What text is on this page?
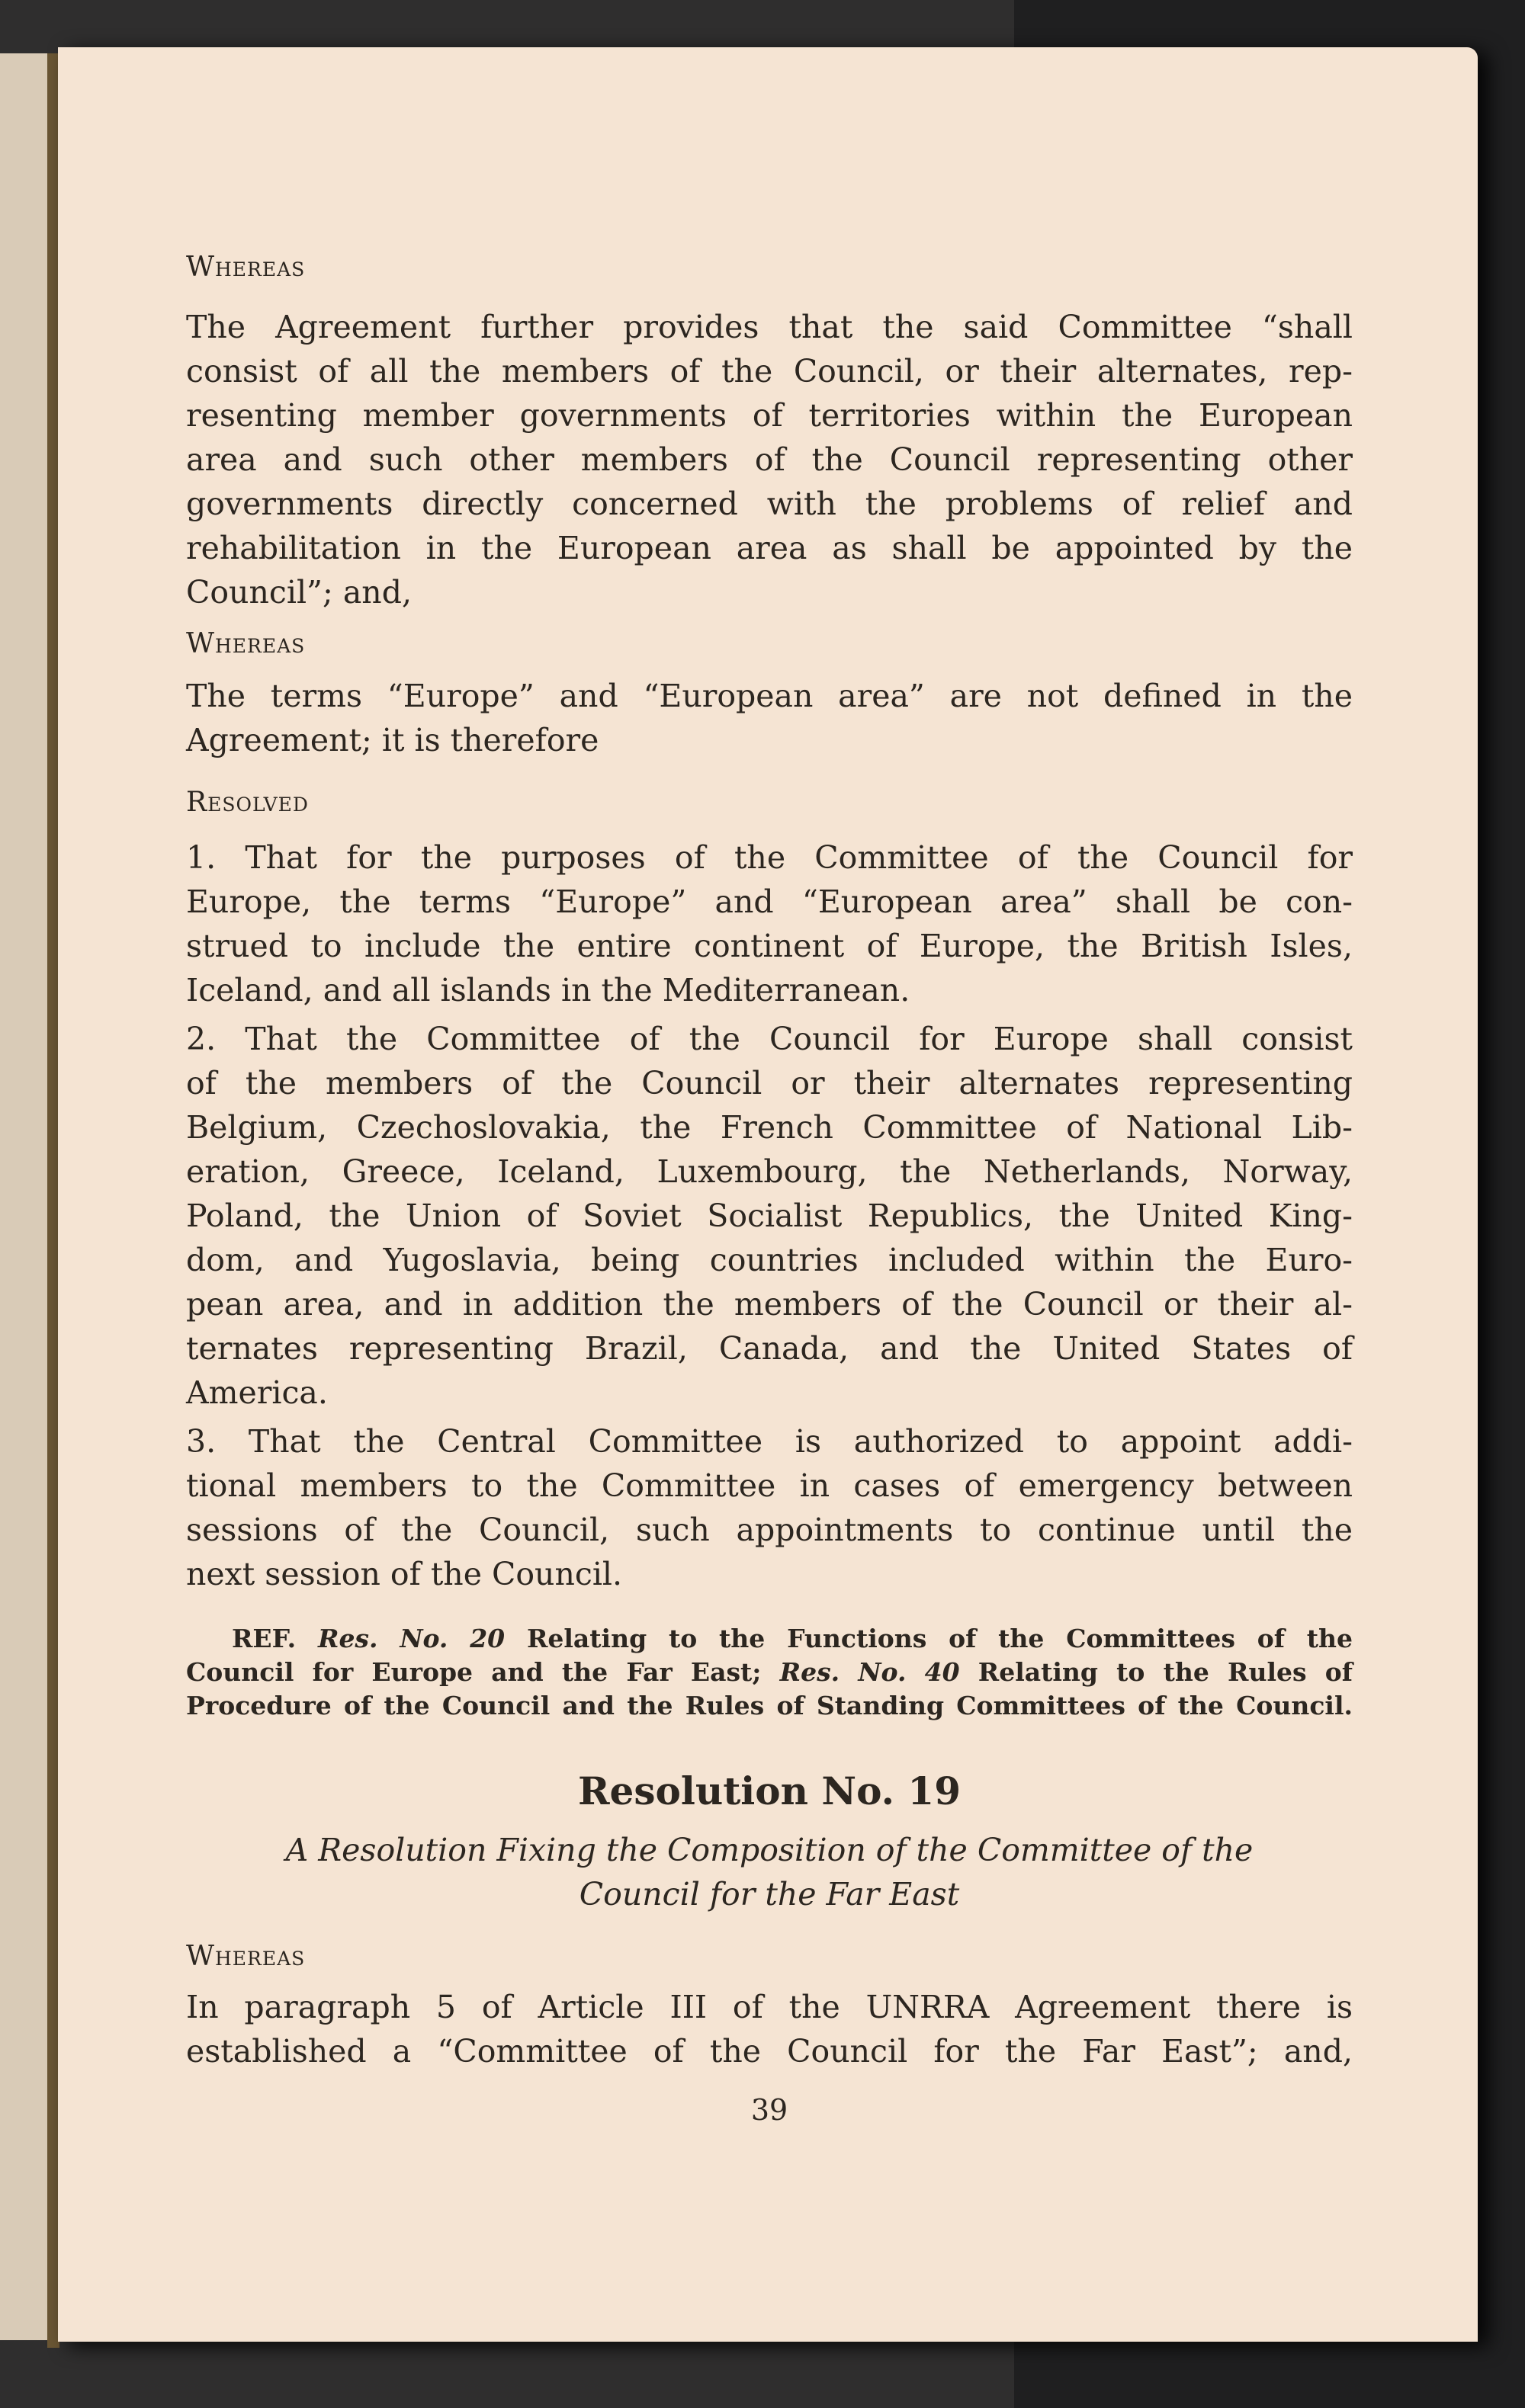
Whereas
The Agreement further provides that the said Committee “shall
consist of all the members of the Council, or their alternates, rep-
resenting member governments of territories within the European
area and such other members of the Council representing other
governments directly concerned with the problems of relief and
rehabilitation in the European area as shall be appointed by the
Council”; and,
Whereas
The terms “Europe” and “European area” are not defined in the
Agreement; it is therefore
Resolved
1. That for the purposes of the Committee of the Council for
Europe, the terms “Europe” and “European area” shall be con-
strued to include the entire continent of Europe, the British Isles,
Iceland, and all islands in the Mediterranean.
2. That the Committee of the Council for Europe shall consist
of the members of the Council or their alternates representing
Belgium, Czechoslovakia, the French Committee of National Lib-
eration, Greece, Iceland, Luxembourg, the Netherlands, Norway,
Poland, the Union of Soviet Socialist Republics, the United King-
dom, and Yugoslavia, being countries included within the Euro-
pean area, and in addition the members of the Council or their al-
ternates representing Brazil, Canada, and the United States of
America.
3. That the Central Committee is authorized to appoint addi-
tional members to the Committee in cases of emergency between
sessions of the Council, such appointments to continue until the
next session of the Council.
REF. Res. No. 20 Relating to the Functions of the Committees of the
Council for Europe and the Far East; Res. No. 40 Relating to the Rules of
Procedure of the Council and the Rules of Standing Committees of the Council.
Resolution No. 19
A Resolution Fixing the Composition of the Committee of the
Council for the Far East
Whereas
In paragraph 5 of Article III of the UNRRA Agreement there is
established a “Committee of the Council for the Far East”; and,
39
